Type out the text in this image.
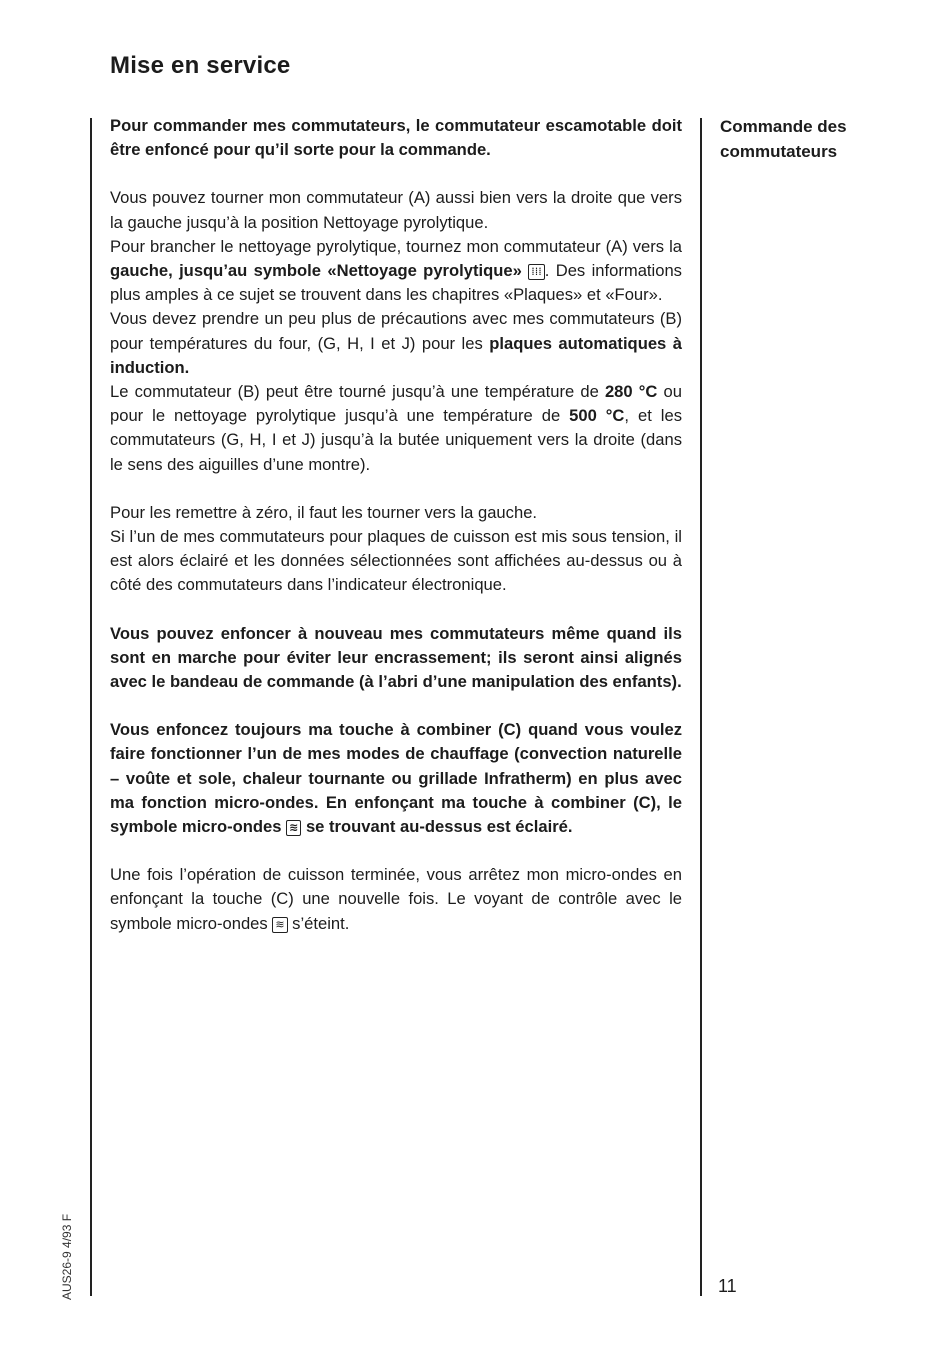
Mise en service

Pour commander mes commutateurs, le commutateur escamotable doit être enfoncé pour qu’il sorte pour la commande.

Vous pouvez tourner mon commutateur (A) aussi bien vers la droite que vers la gauche jusqu’à la position Nettoyage pyrolytique.
Pour brancher le nettoyage pyrolytique, tournez mon commutateur (A) vers la gauche, jusqu’au symbole «Nettoyage pyrolytique» ⁞⁞⁞ . Des informations plus amples à ce sujet se trouvent dans les chapitres «Plaques» et «Four».
Vous devez prendre un peu plus de précautions avec mes commutateurs (B) pour températures du four, (G, H, I et J) pour les plaques automatiques à induction.
Le commutateur (B) peut être tourné jusqu’à une température de 280 °C ou pour le nettoyage pyrolytique jusqu’à une température de 500 °C, et les commutateurs (G, H, I et J) jusqu’à la butée uniquement vers la droite (dans le sens des aiguilles d’une montre).

Pour les remettre à zéro, il faut les tourner vers la gauche.
Si l’un de mes commutateurs pour plaques de cuisson est mis sous tension, il est alors éclairé et les données sélectionnées sont affichées au-dessus ou à côté des commutateurs dans l’indicateur électronique.

Vous pouvez enfoncer à nouveau mes commutateurs même quand ils sont en marche pour éviter leur encrassement; ils seront ainsi alignés avec le bandeau de commande (à l’abri d’une manipulation des enfants).

Vous enfoncez toujours ma touche à combiner (C) quand vous voulez faire fonctionner l’un de mes modes de chauffage (convection naturelle – voûte et sole, chaleur tournante ou grillade Infratherm) en plus avec ma fonction micro-ondes. En enfonçant ma touche à combiner (C), le symbole micro-ondes ≋ se trouvant au-dessus est éclairé.

Une fois l’opération de cuisson terminée, vous arrêtez mon micro-ondes en enfonçant la touche (C) une nouvelle fois. Le voyant de contrôle avec le symbole micro-ondes ≋ s’éteint.

Commande des commutateurs
11
AUS26-9 4/93 F
